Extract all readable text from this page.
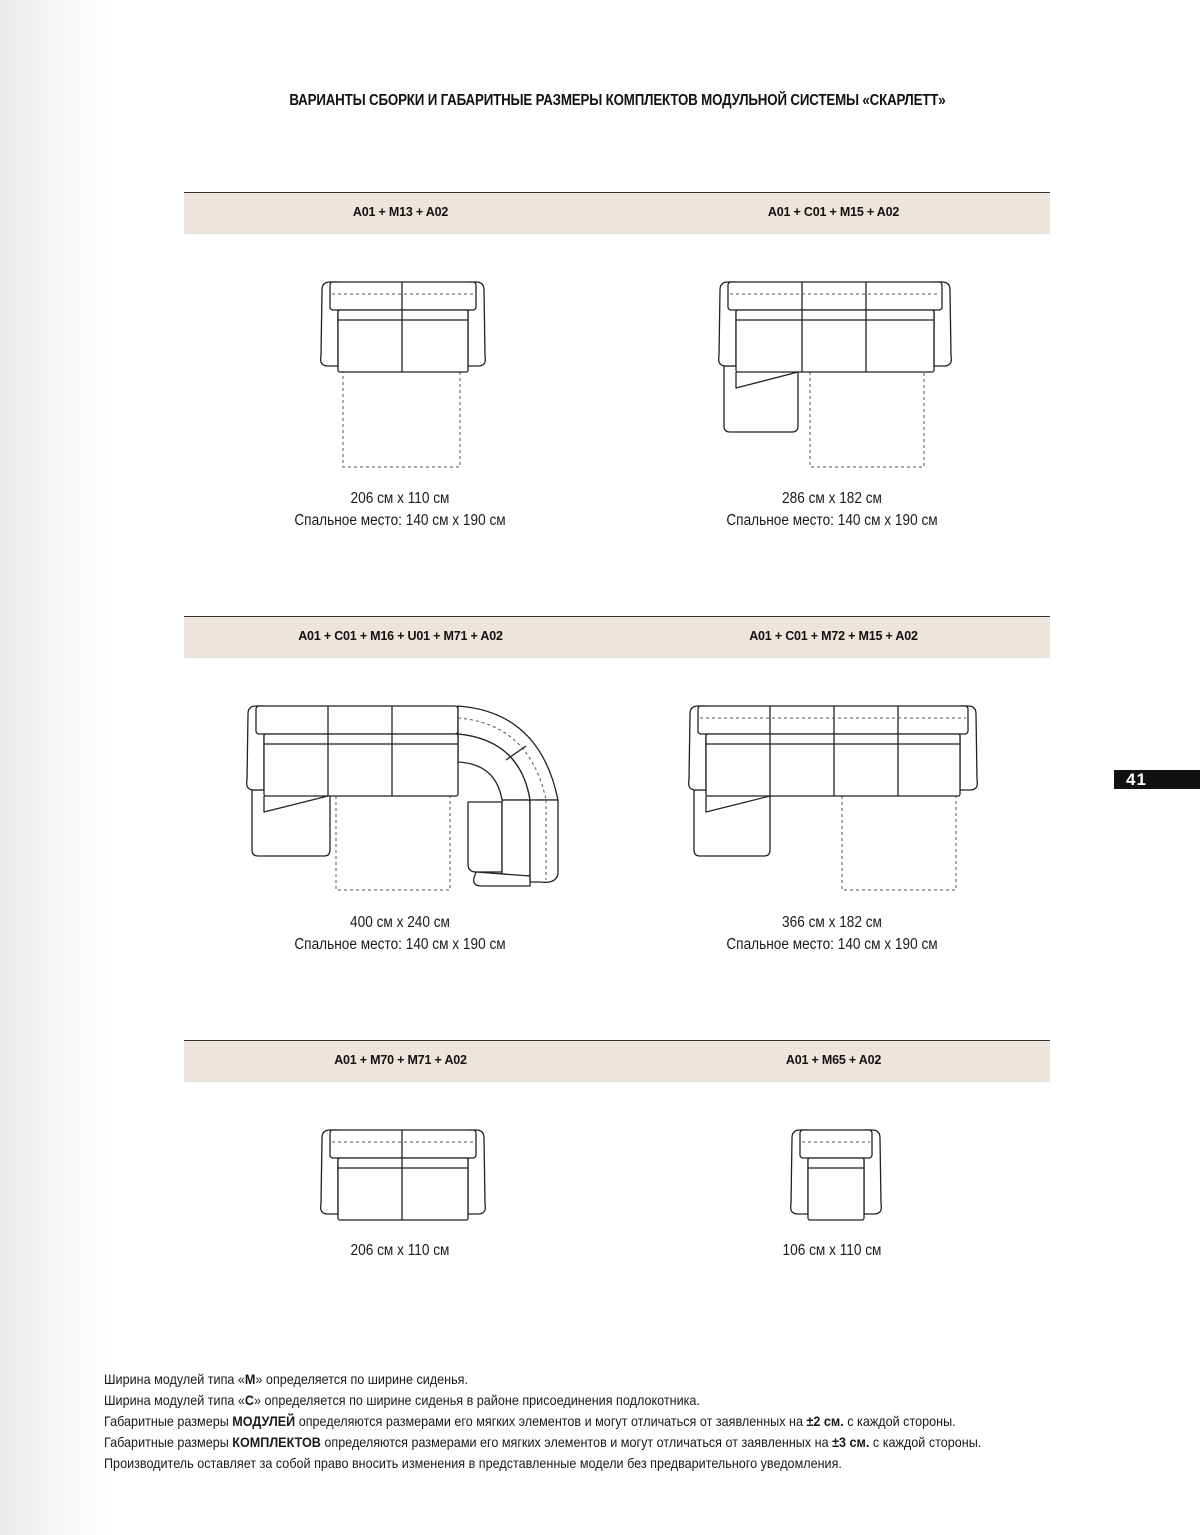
ВАРИАНТЫ СБОРКИ И ГАБАРИТНЫЕ РАЗМЕРЫ КОМПЛЕКТОВ МОДУЛЬНОЙ СИСТЕМЫ «СКАРЛЕТТ»
A01 + M13 + A02	A01 + C01 + M15 + A02
206 см х 110 см
Спальное место: 140 см х 190 см
286 см х 182 см
Спальное место: 140 см х 190 см
A01 + C01 + M16 + U01 + M71 + A02	A01 + C01 + M72 + M15 + A02
400 см х 240 см
Спальное место: 140 см х 190 см
366 см х 182 см
Спальное место: 140 см х 190 см
A01 + M70 + M71 + A02	A01 + M65 + A02
206 см х 110 см	106 см х 110 см
41
Ширина модулей типа «М» определяется по ширине сиденья.
Ширина модулей типа «С» определяется по ширине сиденья в районе присоединения подлокотника.
Габаритные размеры МОДУЛЕЙ определяются размерами его мягких элементов и могут отличаться от заявленных на ±2 см. с каждой стороны.
Габаритные размеры КОМПЛЕКТОВ определяются размерами его мягких элементов и могут отличаться от заявленных на ±3 см. с каждой стороны.
Производитель оставляет за собой право вносить изменения в представленные модели без предварительного уведомления.
